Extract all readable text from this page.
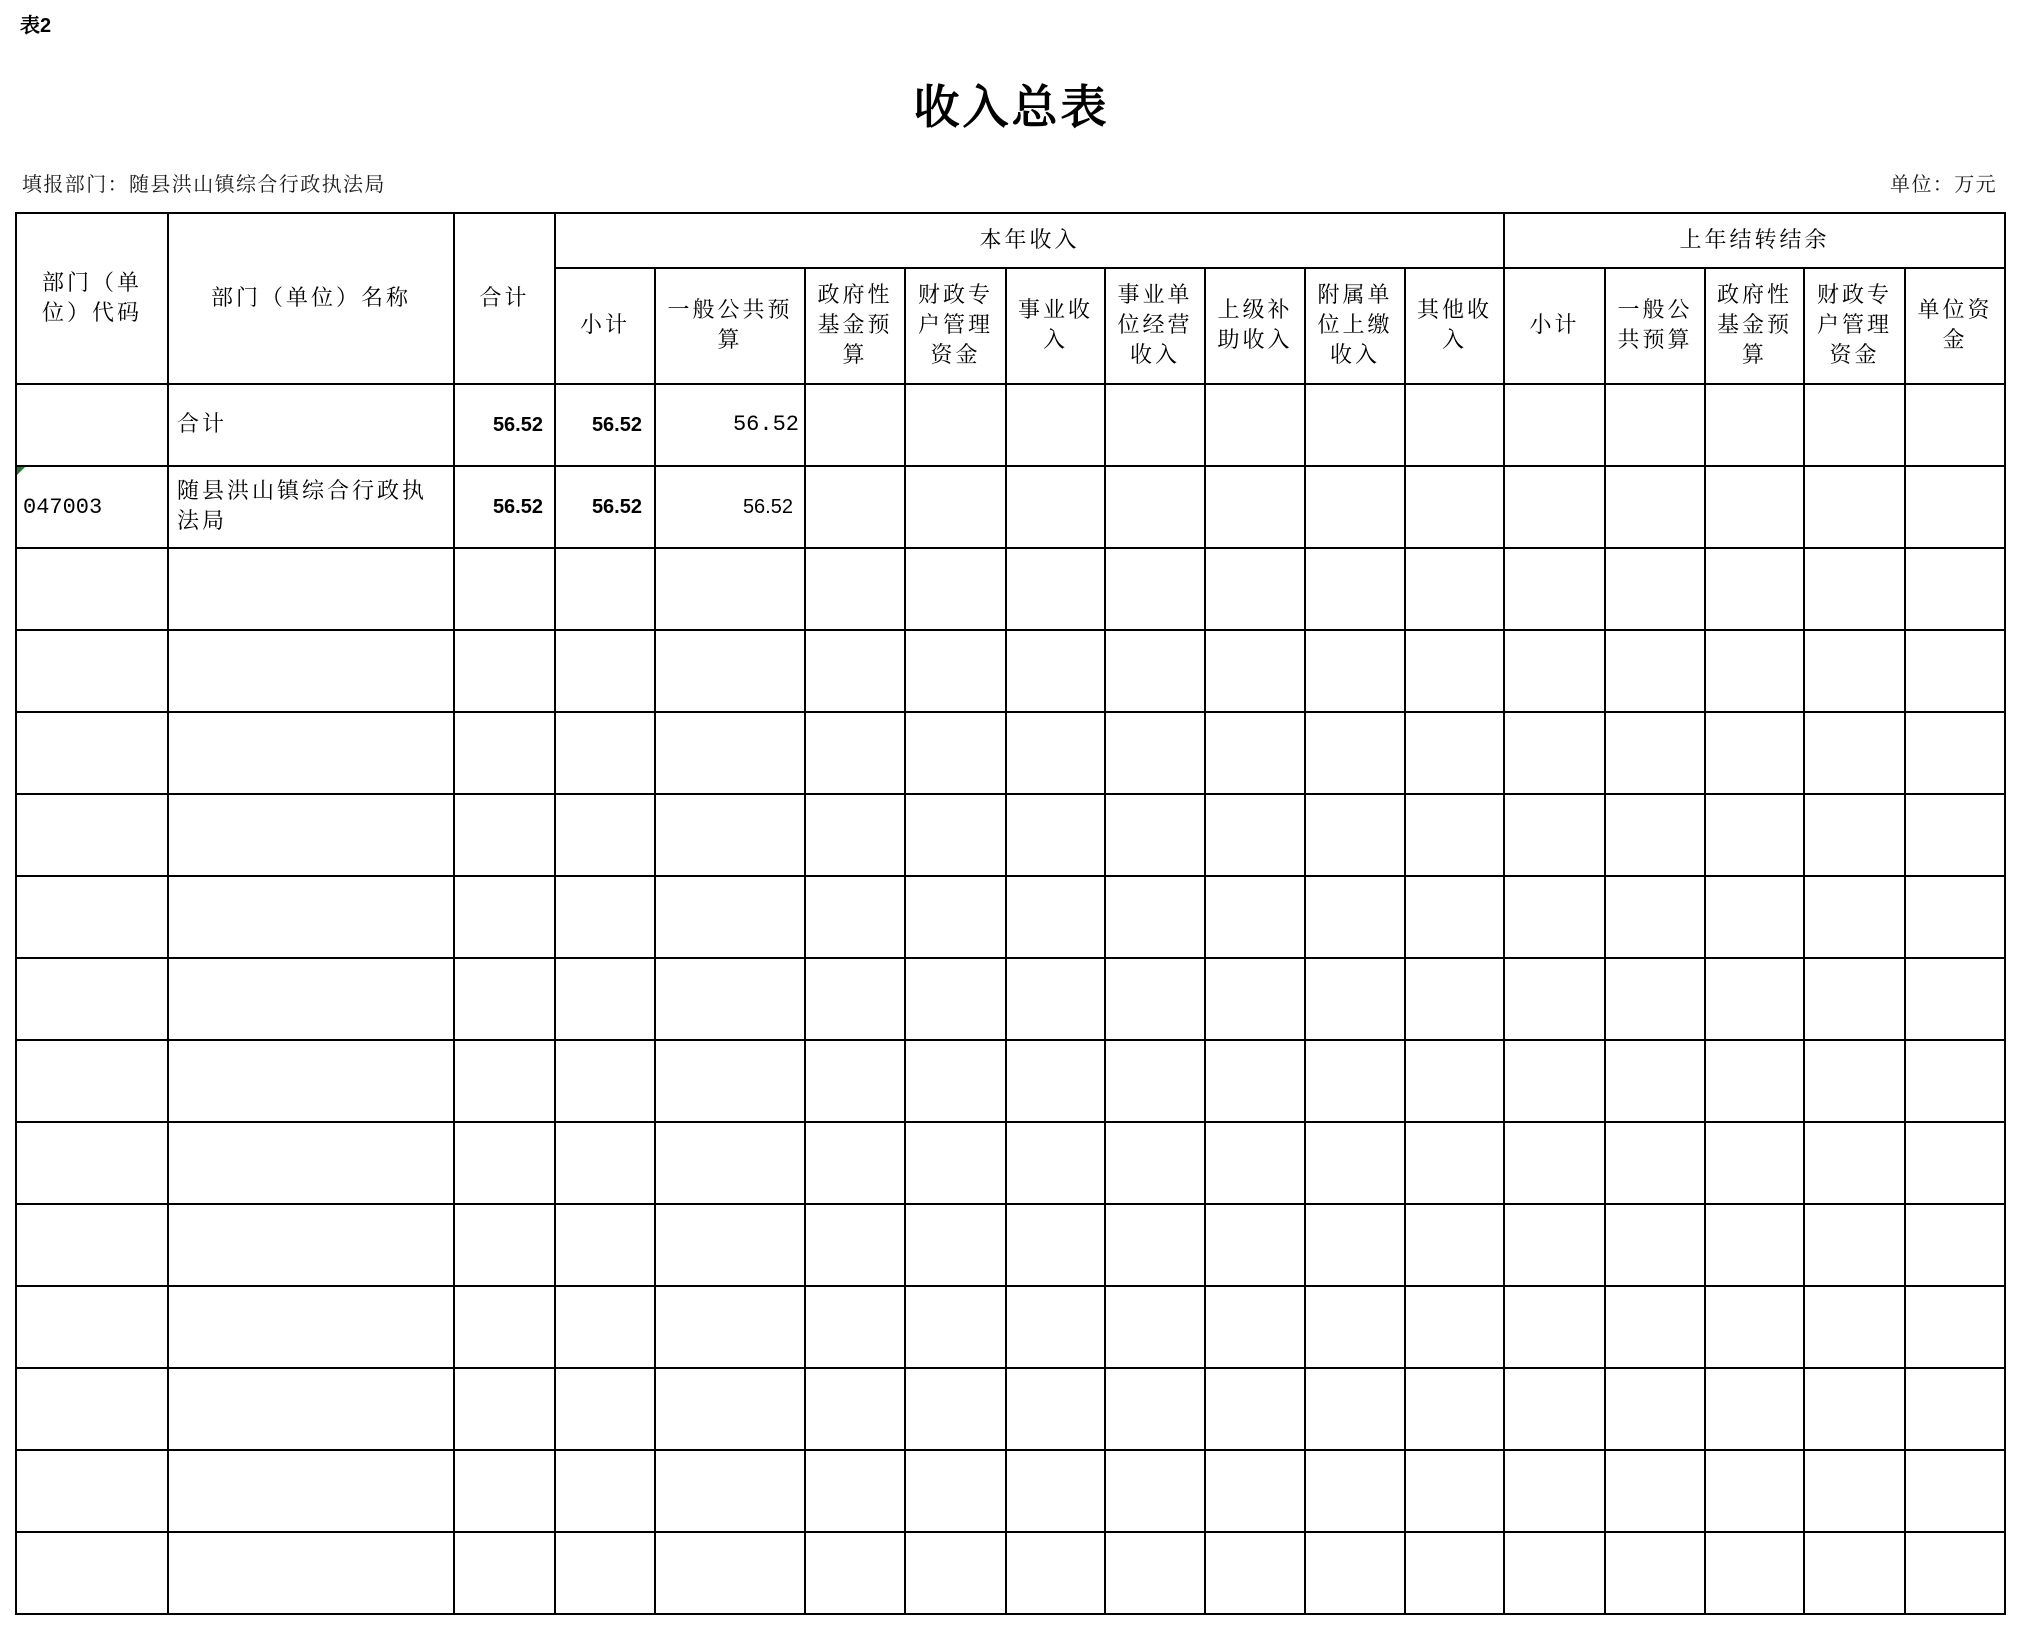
表2
收入总表
填报部门：随县洪山镇综合行政执法局	单位：万元
部门（单位）代码	部门（单位）名称	合计	本年收入									上年结转结余				
			小计	一般公共预算	政府性基金预算	财政专户管理资金	事业收入	事业单位经营收入	上级补助收入	附属单位上缴收入	其他收入	小计	一般公共预算	政府性基金预算	财政专户管理资金	单位资金
	合计	56.52	56.52	56.52												

047003	随县洪山镇综合行政执法局	56.52	56.52	56.52												
